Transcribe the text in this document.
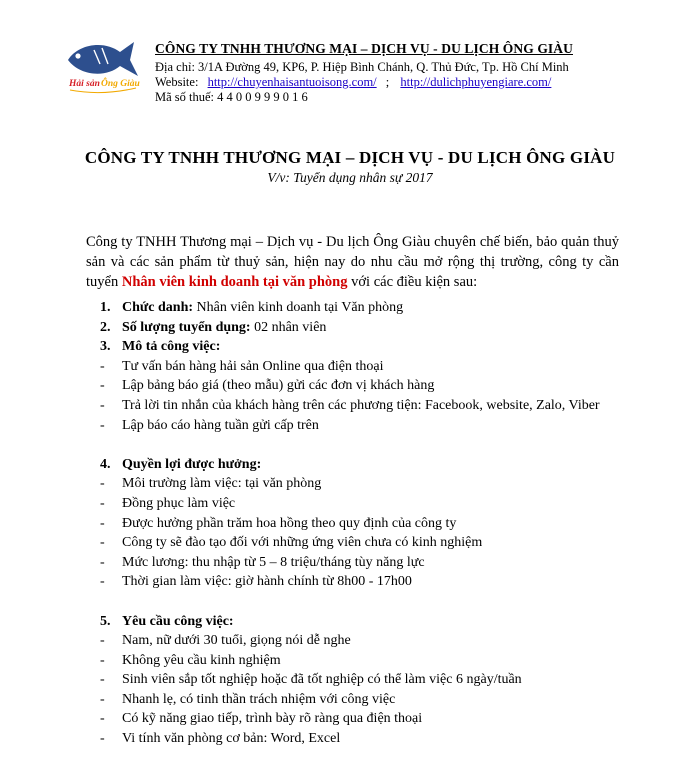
Hải sản Ông Giàu
CÔNG TY TNHH THƯƠNG MẠI – DỊCH VỤ - DU LỊCH ÔNG GIÀU
Địa chỉ: 3/1A Đường 49, KP6, P. Hiệp Bình Chánh, Q. Thủ Đức, Tp. Hồ Chí Minh
Website: http://chuyenhaisantuoisong.com/ ; http://dulichphuyengiare.com/
Mã số thuế: 4 4 0 0 9 9 9 0 1 6
CÔNG TY TNHH THƯƠNG MẠI – DỊCH VỤ - DU LỊCH ÔNG GIÀU
V/v: Tuyển dụng nhân sự 2017
Công ty TNHH Thương mại – Dịch vụ - Du lịch Ông Giàu chuyên chế biến, bảo quản thuỷ sản và các sản phẩm từ thuỷ sản, hiện nay do nhu cầu mở rộng thị trường, công ty cần tuyển Nhân viên kinh doanh tại văn phòng với các điều kiện sau:
1. Chức danh: Nhân viên kinh doanh tại Văn phòng
2. Số lượng tuyển dụng: 02 nhân viên
3. Mô tả công việc:
-	Tư vấn bán hàng hải sản Online qua điện thoại
-	Lập bảng báo giá (theo mẫu) gửi các đơn vị khách hàng
-	Trả lời tin nhắn của khách hàng trên các phương tiện: Facebook, website, Zalo, Viber
-	Lập báo cáo hàng tuần gửi cấp trên
4. Quyền lợi được hưởng:
-	Môi trường làm việc: tại văn phòng
-	Đồng phục làm việc
-	Được hưởng phần trăm hoa hồng theo quy định của công ty
-	Công ty sẽ đào tạo đối với những ứng viên chưa có kinh nghiệm
-	Mức lương: thu nhập từ 5 – 8 triệu/tháng tùy năng lực
-	Thời gian làm việc: giờ hành chính từ 8h00 - 17h00
5. Yêu cầu công việc:
-	Nam, nữ dưới 30 tuổi, giọng nói dễ nghe
-	Không yêu cầu kinh nghiệm
-	Sinh viên sắp tốt nghiệp hoặc đã tốt nghiệp có thể làm việc 6 ngày/tuần
-	Nhanh lẹ, có tinh thần trách nhiệm với công việc
-	Có kỹ năng giao tiếp, trình bày rõ ràng qua điện thoại
-	Vi tính văn phòng cơ bản: Word, Excel
